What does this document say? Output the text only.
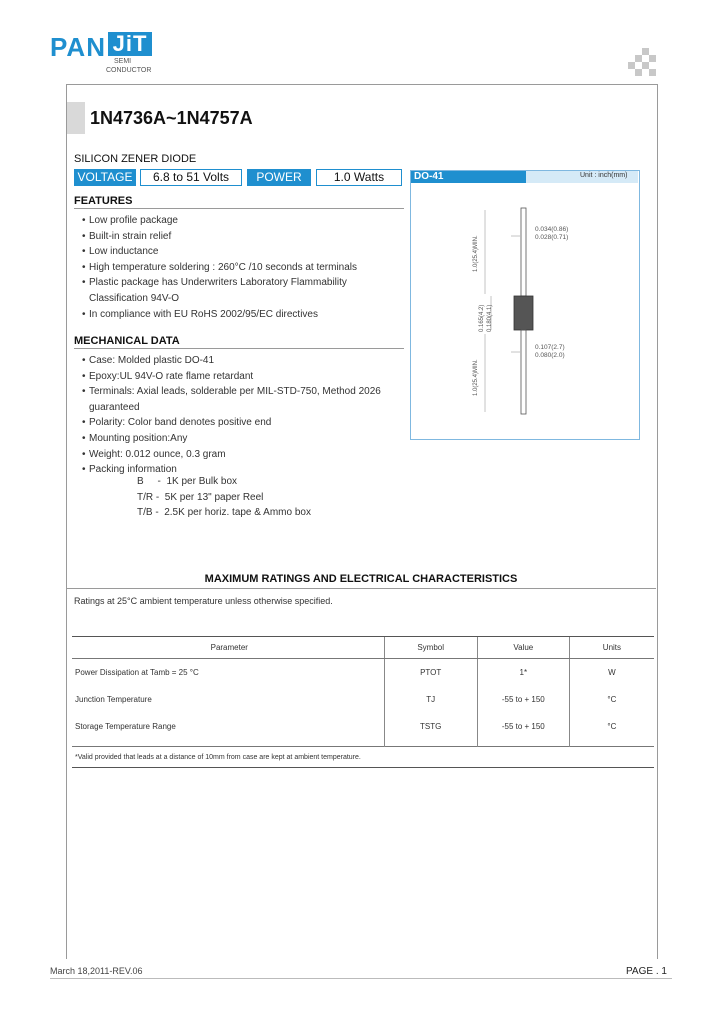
PAN JiT
SEMI
CONDUCTOR
1N4736A~1N4757A
SILICON ZENER DIODE
VOLTAGE	6.8 to 51 Volts	POWER	1.0 Watts
FEATURES
• Low profile package
• Built-in strain relief
• Low inductance
• High temperature soldering : 260°C /10 seconds at terminals
• Plastic package has Underwriters Laboratory Flammability Classification 94V-O
• In compliance with EU RoHS 2002/95/EC directives
MECHANICAL DATA
• Case: Molded plastic DO-41
• Epoxy:UL 94V-O rate flame retardant
• Terminals: Axial leads, solderable per MIL-STD-750, Method 2026 guaranteed
• Polarity: Color band denotes positive end
• Mounting position:Any
• Weight: 0.012 ounce, 0.3 gram
• Packing information
B     -  1K per Bulk box
T/R -  5K per 13" paper Reel
T/B -  2.5K per horiz. tape & Ammo box
DO-41	Unit : inch(mm)
0.034(0.86)
0.028(0.71)
0.107(2.7)
0.080(2.0)
1.0(25.4)MIN.
0.165(4.2) 0.180(4.1)
1.0(25.4)MIN.
MAXIMUM RATINGS AND ELECTRICAL CHARACTERISTICS
Ratings at 25°C ambient temperature unless otherwise specified.
Parameter	Symbol	Value	Units
Power Dissipation at Tamb = 25 °C	PTOT	1*	W
Junction Temperature	TJ	-55 to + 150	°C
Storage Temperature Range	TSTG	-55 to + 150	°C
*Valid provided that leads at a distance of 10mm from case are kept at ambient temperature.			
March 18,2011-REV.06	PAGE . 1
